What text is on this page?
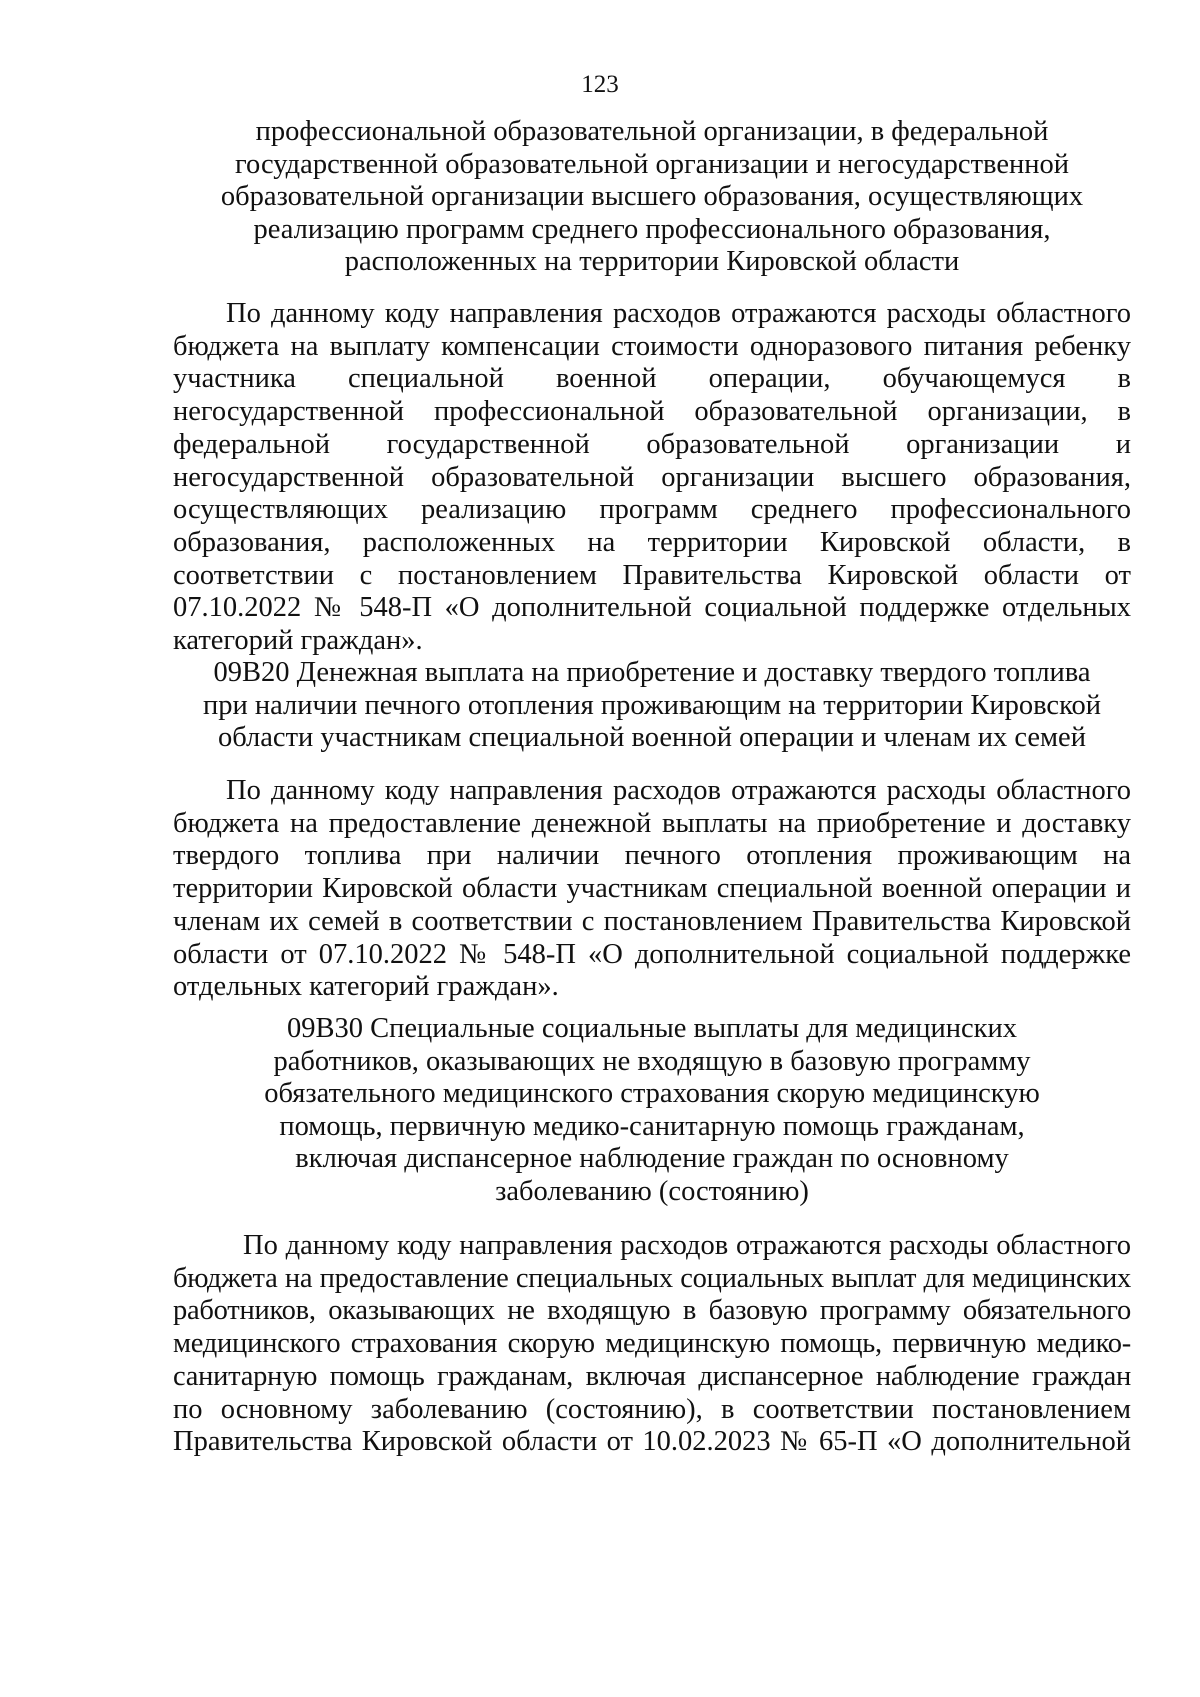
123
профессиональной образовательной организации, в федеральной
государственной образовательной организации и негосударственной
образовательной организации высшего образования, осуществляющих
реализацию программ среднего профессионального образования,
расположенных на территории Кировской области
По данному коду направления расходов отражаются расходы областного
бюджета на выплату компенсации стоимости одноразового питания ребенку
участника специальной военной операции, обучающемуся в
негосударственной профессиональной образовательной организации, в
федеральной государственной образовательной организации и
негосударственной образовательной организации высшего образования,
осуществляющих реализацию программ среднего профессионального
образования, расположенных на территории Кировской области, в
соответствии с постановлением Правительства Кировской области от
07.10.2022 № 548-П «О дополнительной социальной поддержке отдельных
категорий граждан».
09В20 Денежная выплата на приобретение и доставку твердого топлива
при наличии печного отопления проживающим на территории Кировской
области участникам специальной военной операции и членам их семей
По данному коду направления расходов отражаются расходы областного
бюджета на предоставление денежной выплаты на приобретение и доставку
твердого топлива при наличии печного отопления проживающим на
территории Кировской области участникам специальной военной операции и
членам их семей в соответствии с постановлением Правительства Кировской
области от 07.10.2022 № 548-П «О дополнительной социальной поддержке
отдельных категорий граждан».
09В30 Специальные социальные выплаты для медицинских
работников, оказывающих не входящую в базовую программу
обязательного медицинского страхования скорую медицинскую
помощь, первичную медико-санитарную помощь гражданам,
включая диспансерное наблюдение граждан по основному
заболеванию (состоянию)
По данному коду направления расходов отражаются расходы областного
бюджета на предоставление специальных социальных выплат для медицинских
работников, оказывающих не входящую в базовую программу обязательного
медицинского страхования скорую медицинскую помощь, первичную медико-
санитарную помощь гражданам, включая диспансерное наблюдение граждан
по основному заболеванию (состоянию), в соответствии постановлением
Правительства Кировской области от 10.02.2023 № 65-П «О дополнительной
